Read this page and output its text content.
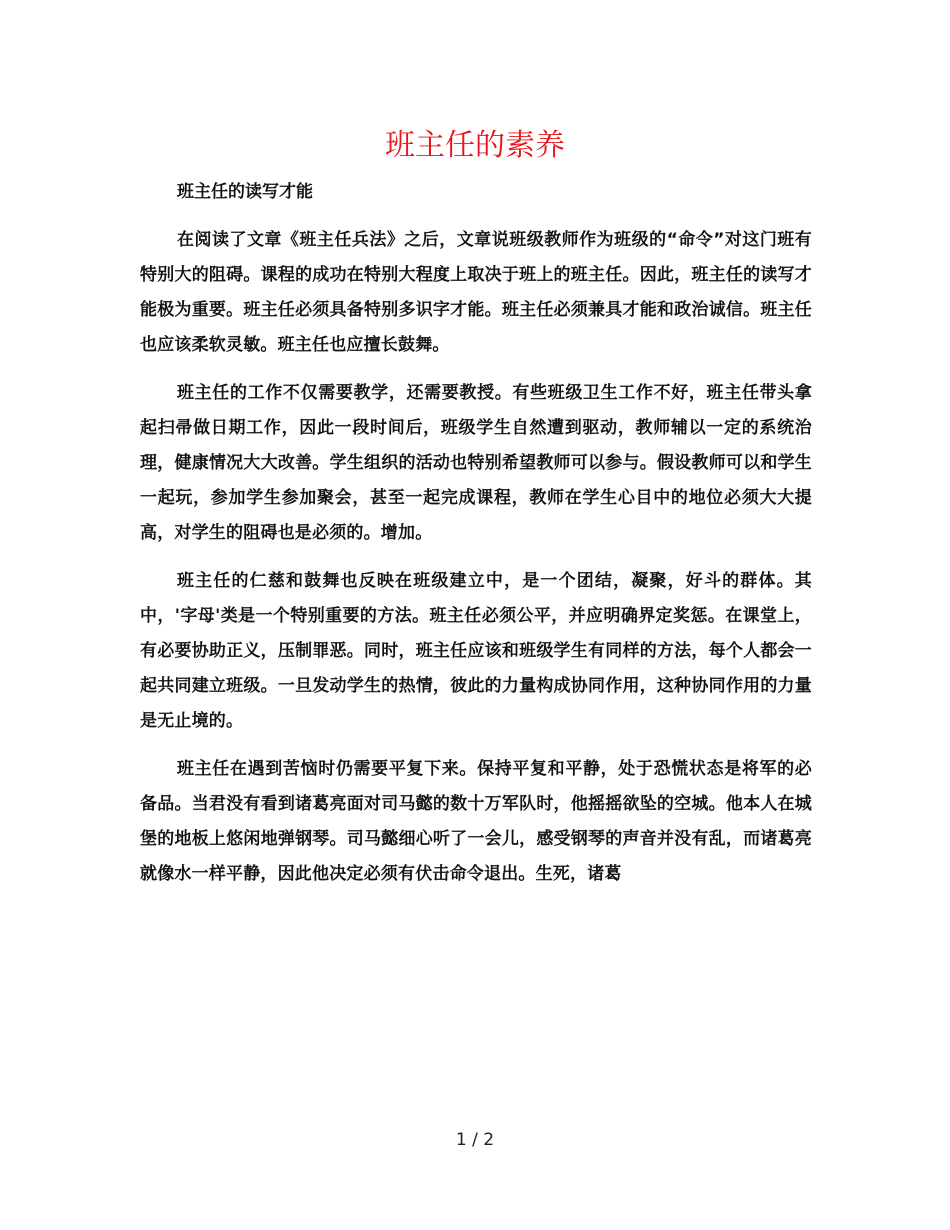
班主任的素养

班主任的读写才能

在阅读了文章《班主任兵法》之后，文章说班级教师作为班级的“命令”对这门班有特别大的阻碍。课程的成功在特别大程度上取决于班上的班主任。因此，班主任的读写才能极为重要。班主任必须具备特别多识字才能。班主任必须兼具才能和政治诚信。班主任也应该柔软灵敏。班主任也应擅长鼓舞。

班主任的工作不仅需要教学，还需要教授。有些班级卫生工作不好，班主任带头拿起扫帚做日期工作，因此一段时间后，班级学生自然遭到驱动，教师辅以一定的系统治理，健康情况大大改善。学生组织的活动也特别希望教师可以参与。假设教师可以和学生一起玩，参加学生参加聚会，甚至一起完成课程，教师在学生心目中的地位必须大大提高，对学生的阻碍也是必须的。增加。

班主任的仁慈和鼓舞也反映在班级建立中，是一个团结，凝聚，好斗的群体。其中，'字母'类是一个特别重要的方法。班主任必须公平，并应明确界定奖惩。在课堂上，有必要协助正义，压制罪恶。同时，班主任应该和班级学生有同样的方法，每个人都会一起共同建立班级。一旦发动学生的热情，彼此的力量构成协同作用，这种协同作用的力量是无止境的。

班主任在遇到苦恼时仍需要平复下来。保持平复和平静，处于恐慌状态是将军的必备品。当君没有看到诸葛亮面对司马懿的数十万军队时，他摇摇欲坠的空城。他本人在城堡的地板上悠闲地弹钢琴。司马懿细心听了一会儿，感受钢琴的声音并没有乱，而诸葛亮就像水一样平静，因此他决定必须有伏击命令退出。生死，诸葛

1 / 2
